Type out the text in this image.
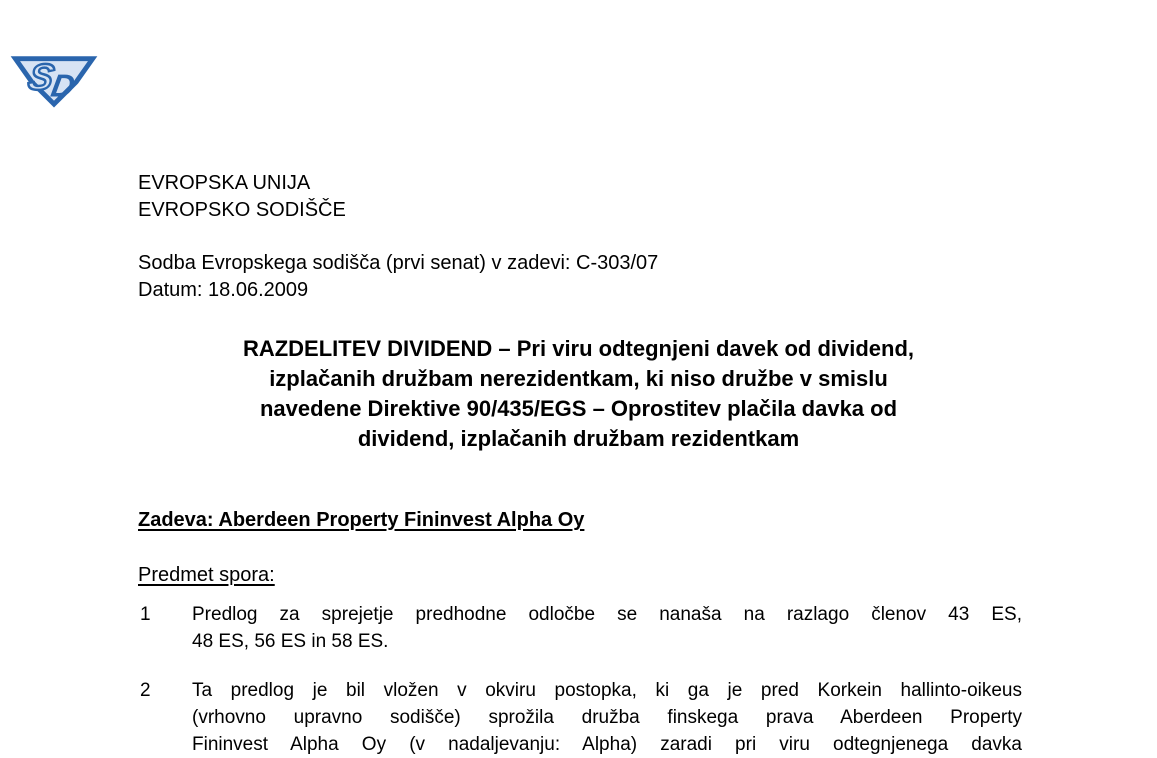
S
D
EVROPSKA UNIJA
EVROPSKO SODIŠČE
Sodba Evropskega sodišča (prvi senat) v zadevi: C-303/07
Datum: 18.06.2009
RAZDELITEV DIVIDEND – Pri viru odtegnjeni davek od dividend,
izplačanih družbam nerezidentkam, ki niso družbe v smislu
navedene Direktive 90/435/EGS – Oprostitev plačila davka od
dividend, izplačanih družbam rezidentkam
Zadeva: Aberdeen Property Fininvest Alpha Oy
Predmet spora:
1	Predlog za sprejetje predhodne odločbe se nanaša na razlago členov 43 ES,
48 ES, 56 ES in 58 ES.
2	Ta predlog je bil vložen v okviru postopka, ki ga je pred Korkein hallinto-oikeus
(vrhovno upravno sodišče) sprožila družba finskega prava Aberdeen Property
Fininvest Alpha Oy (v nadaljevanju: Alpha) zaradi pri viru odtegnjenega davka
